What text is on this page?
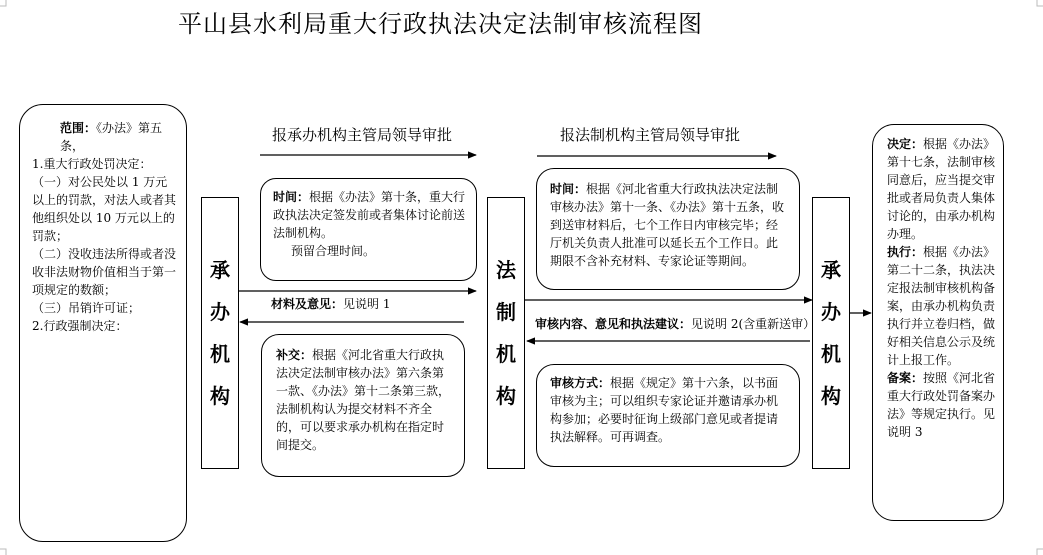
平山县水利局重大行政执法决定法制审核流程图
范围：《办法》第五条，
1.重大行政处罚决定：
（一）对公民处以 1 万元以上的罚款，对法人或者其他组织处以 10 万元以上的罚款；
（二）没收违法所得或者没收非法财物价值相当于第一项规定的数额；
（三）吊销许可证；
2.行政强制决定：
承
办
机
构
法
制
机
构
承
办
机
构
报承办机构主管局领导审批	报法制机构主管局领导审批
时间：根据《办法》第十条，重大行政执法决定签发前或者集体讨论前送法制机构。
预留合理时间。
材料及意见：见说明 1
补交：根据《河北省重大行政执法决定法制审核办法》第六条第一款、《办法》第十二条第三款，法制机构认为提交材料不齐全的，可以要求承办机构在指定时间提交。
时间：根据《河北省重大行政执法决定法制审核办法》第十一条、《办法》第十五条，收到送审材料后，七个工作日内审核完毕；经厅机关负责人批准可以延长五个工作日。此期限不含补充材料、专家论证等期间。
审核内容、意见和执法建议：见说明 2(含重新送审）
审核方式：根据《规定》第十六条，以书面审核为主；可以组织专家论证并邀请承办机构参加；必要时征询上级部门意见或者提请执法解释。可再调查。
决定：根据《办法》第十七条，法制审核同意后，应当提交审批或者局负责人集体讨论的，由承办机构办理。
执行：根据《办法》第二十二条，执法决定报法制审核机构备案，由承办机构负责执行并立卷归档，做好相关信息公示及统计上报工作。
备案：按照《河北省重大行政处罚备案办法》等规定执行。见说明 3
